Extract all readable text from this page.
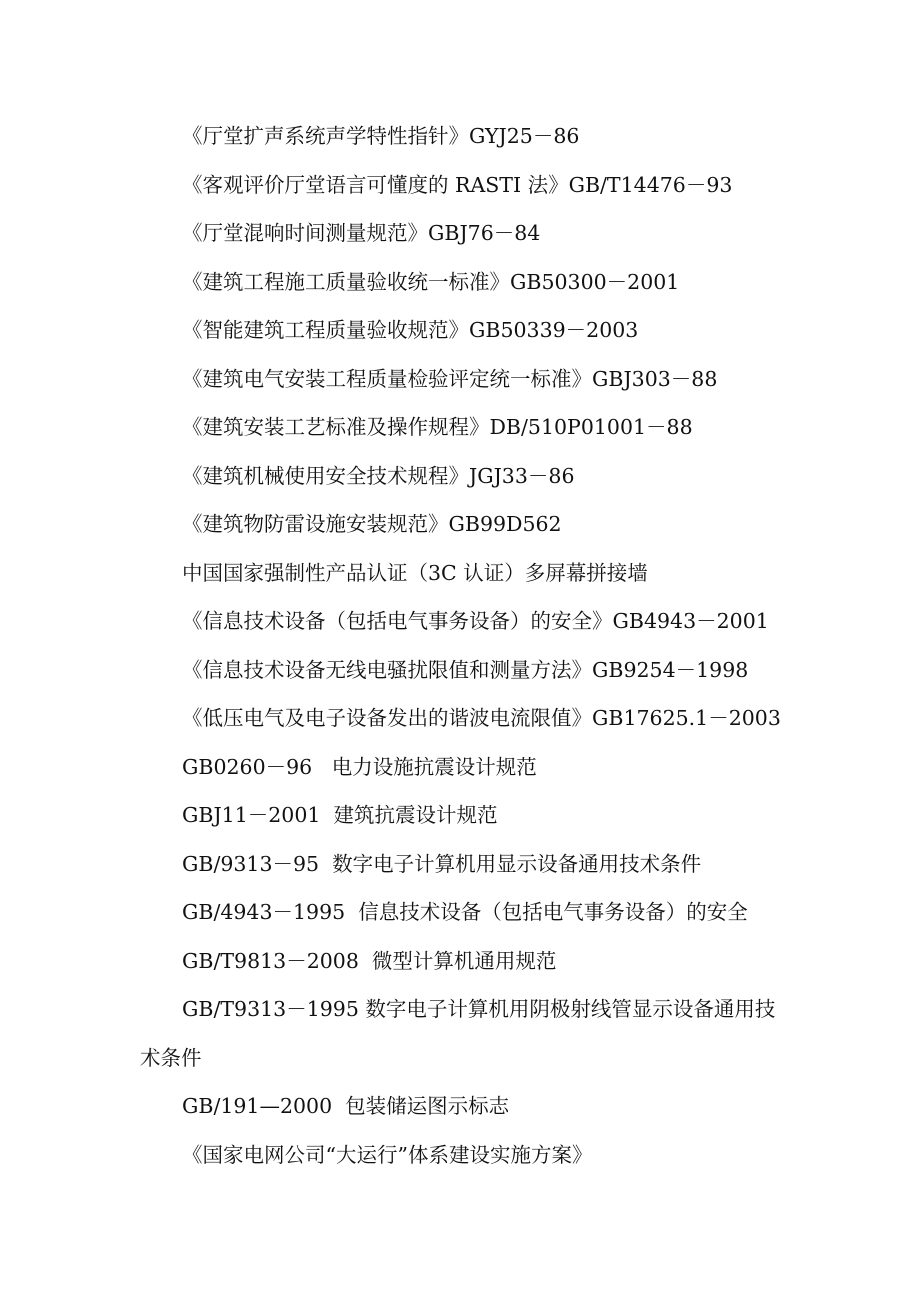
《厅堂扩声系统声学特性指针》GYJ25－86
《客观评价厅堂语言可懂度的 RASTI 法》GB/T14476－93
《厅堂混响时间测量规范》GBJ76－84
《建筑工程施工质量验收统一标准》GB50300－2001
《智能建筑工程质量验收规范》GB50339－2003
《建筑电气安装工程质量检验评定统一标准》GBJ303－88
《建筑安装工艺标准及操作规程》DB/510P01001－88
《建筑机械使用安全技术规程》JGJ33－86
《建筑物防雷设施安装规范》GB99D562
中国国家强制性产品认证（3C 认证）多屏幕拼接墙
《信息技术设备（包括电气事务设备）的安全》GB4943－2001
《信息技术设备无线电骚扰限值和测量方法》GB9254－1998
《低压电气及电子设备发出的谐波电流限值》GB17625.1－2003
GB0260－96   电力设施抗震设计规范
GBJ11－2001  建筑抗震设计规范
GB/9313－95  数字电子计算机用显示设备通用技术条件
GB/4943－1995  信息技术设备（包括电气事务设备）的安全
GB/T9813－2008  微型计算机通用规范
GB/T9313－1995 数字电子计算机用阴极射线管显示设备通用技
术条件
GB/191—2000  包装储运图示标志
《国家电网公司“大运行”体系建设实施方案》
